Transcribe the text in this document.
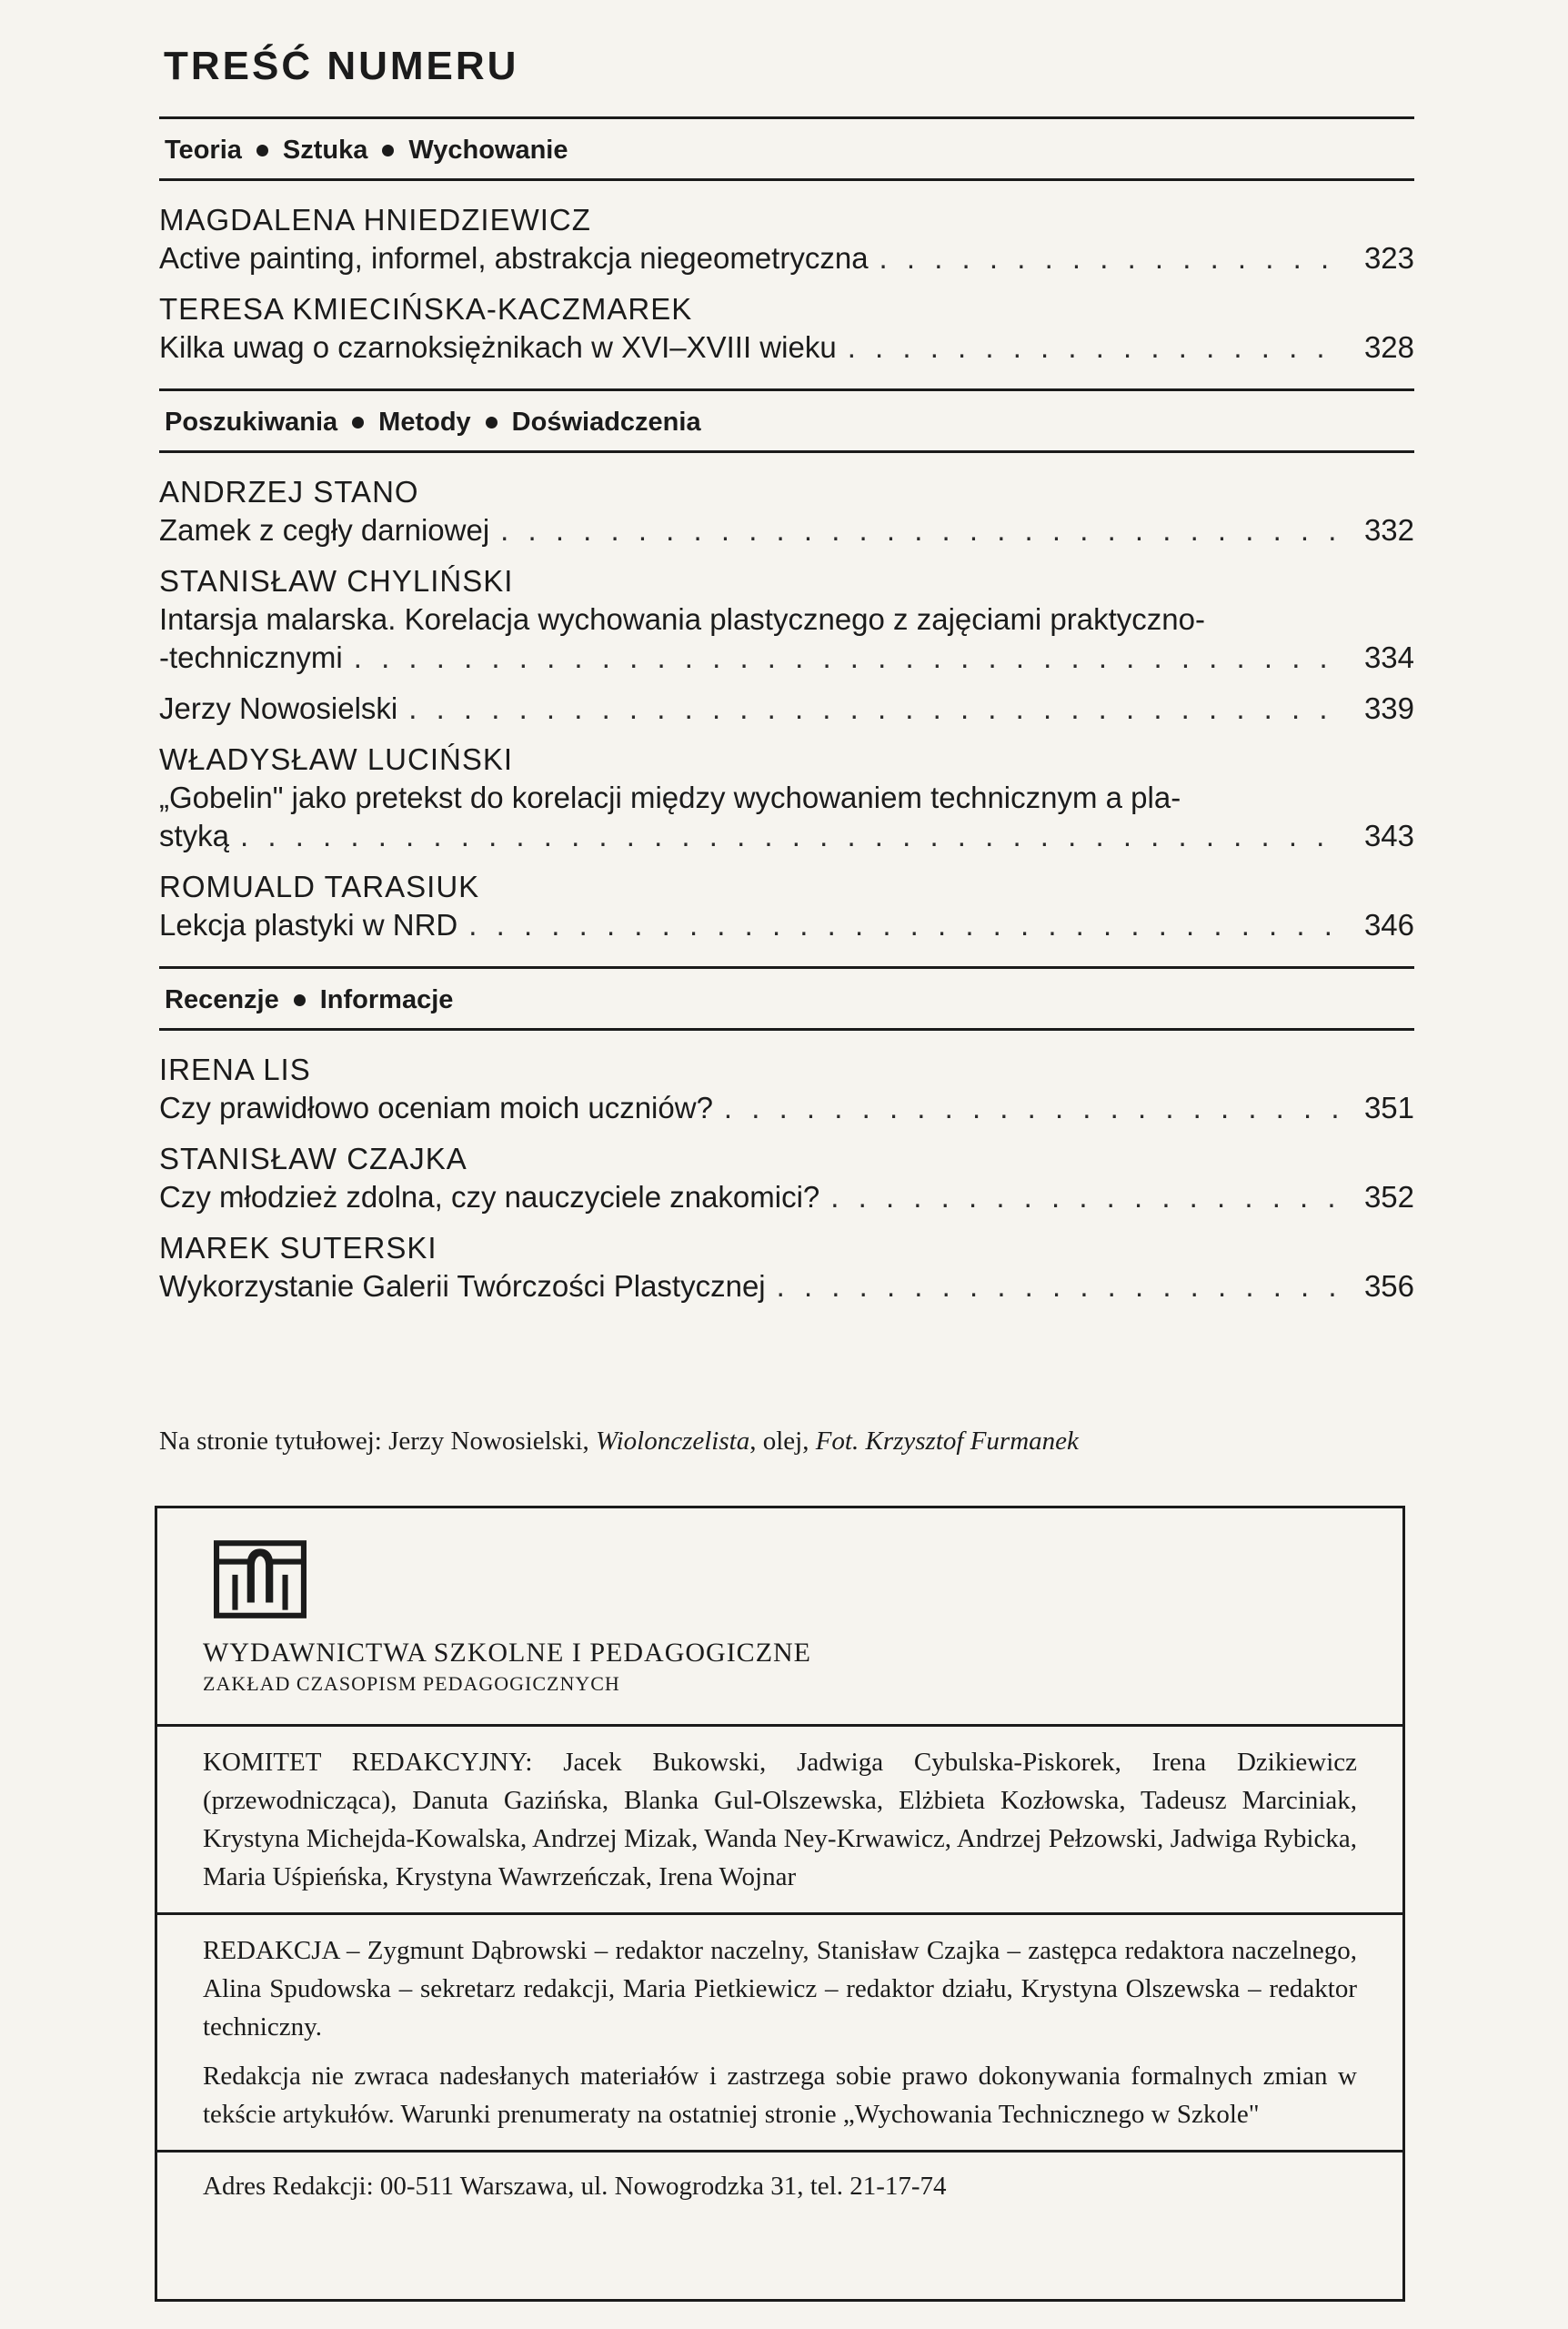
TREŚĆ NUMERU
Teoria Sztuka Wychowanie
MAGDALENA HNIEDZIEWICZ
Active painting, informel, abstrakcja niegeometryczna . . .	323
TERESA KMIECIŃSKA-KACZMAREK
Kilka uwag o czarnoksiężnikach w XVI–XVIII wieku . . .	328
Poszukiwania Metody Doświadczenia
ANDRZEJ STANO
Zamek z cegły darniowej . . .	332
STANISŁAW CHYLIŃSKI
Intarsja malarska. Korelacja wychowania plastycznego z zajęciami praktyczno-
-technicznymi . . .	334
Jerzy Nowosielski . . .	339
WŁADYSŁAW LUCIŃSKI
„Gobelin" jako pretekst do korelacji między wychowaniem technicznym a pla-
styką . . .	343
ROMUALD TARASIUK
Lekcja plastyki w NRD . . .	346
Recenzje Informacje
IRENA LIS
Czy prawidłowo oceniam moich uczniów? . . .	351
STANISŁAW CZAJKA
Czy młodzież zdolna, czy nauczyciele znakomici? . . .	352
MAREK SUTERSKI
Wykorzystanie Galerii Twórczości Plastycznej . . .	356
Na stronie tytułowej: Jerzy Nowosielski, Wiolonczelista, olej, Fot. Krzysztof Furmanek
WYDAWNICTWA SZKOLNE I PEDAGOGICZNE
ZAKŁAD CZASOPISM PEDAGOGICZNYCH

KOMITET REDAKCYJNY: Jacek Bukowski, Jadwiga Cybulska-Piskorek, Irena Dzikiewicz (przewodnicząca), Danuta Gazińska, Blanka Gul-Olszewska, Elżbieta Kozłowska, Tadeusz Marciniak, Krystyna Michejda-Kowalska, Andrzej Mizak, Wanda Ney-Krwawicz, Andrzej Pełzowski, Jadwiga Rybicka, Maria Uśpieńska, Krystyna Wawrzeńczak, Irena Wojnar

REDAKCJA – Zygmunt Dąbrowski – redaktor naczelny, Stanisław Czajka – zastępca redaktora naczelnego, Alina Spudowska – sekretarz redakcji, Maria Pietkiewicz – redaktor działu, Krystyna Olszewska – redaktor techniczny.

Redakcja nie zwraca nadesłanych materiałów i zastrzega sobie prawo dokonywania formalnych zmian w tekście artykułów. Warunki prenumeraty na ostatniej stronie „Wychowania Technicznego w Szkole"

Adres Redakcji: 00-511 Warszawa, ul. Nowogrodzka 31, tel. 21-17-74
